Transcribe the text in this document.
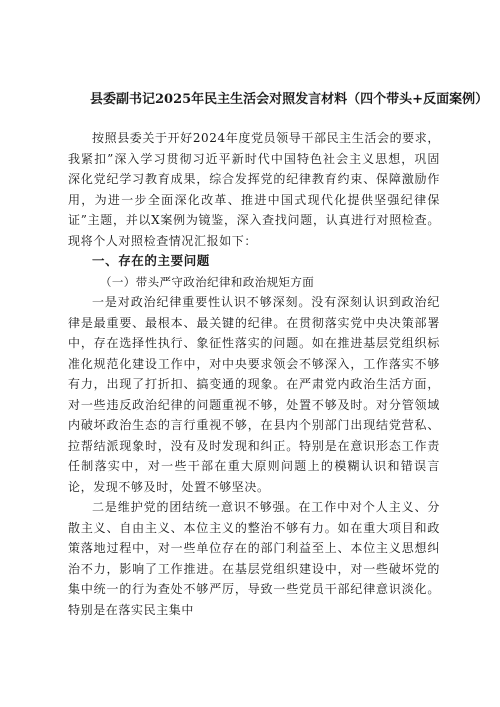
县委副书记2025年民主生活会对照发言材料（四个带头+反面案例）

按照县委关于开好2024年度党员领导干部民主生活会的要求，我紧扣”深入学习贯彻习近平新时代中国特色社会主义思想，巩固深化党纪学习教育成果，综合发挥党的纪律教育约束、保障激励作用，为进一步全面深化改革、推进中国式现代化提供坚强纪律保证”主题，并以X案例为镜鉴，深入查找问题，认真进行对照检查。现将个人对照检查情况汇报如下：

一、存在的主要问题
（一）带头严守政治纪律和政治规矩方面

一是对政治纪律重要性认识不够深刻。没有深刻认识到政治纪律是最重要、最根本、最关键的纪律。在贯彻落实党中央决策部署中，存在选择性执行、象征性落实的问题。如在推进基层党组织标准化规范化建设工作中，对中央要求领会不够深入，工作落实不够有力，出现了打折扣、搞变通的现象。在严肃党内政治生活方面，对一些违反政治纪律的问题重视不够，处置不够及时。对分管领域内破坏政治生态的言行重视不够，在县内个别部门出现结党营私、拉帮结派现象时，没有及时发现和纠正。特别是在意识形态工作责任制落实中，对一些干部在重大原则问题上的模糊认识和错误言论，发现不够及时，处置不够坚决。

二是维护党的团结统一意识不够强。在工作中对个人主义、分散主义、自由主义、本位主义的整治不够有力。如在重大项目和政策落地过程中，对一些单位存在的部门利益至上、本位主义思想纠治不力，影响了工作推进。在基层党组织建设中，对一些破坏党的集中统一的行为查处不够严厉，导致一些党员干部纪律意识淡化。特别是在落实民主集中
